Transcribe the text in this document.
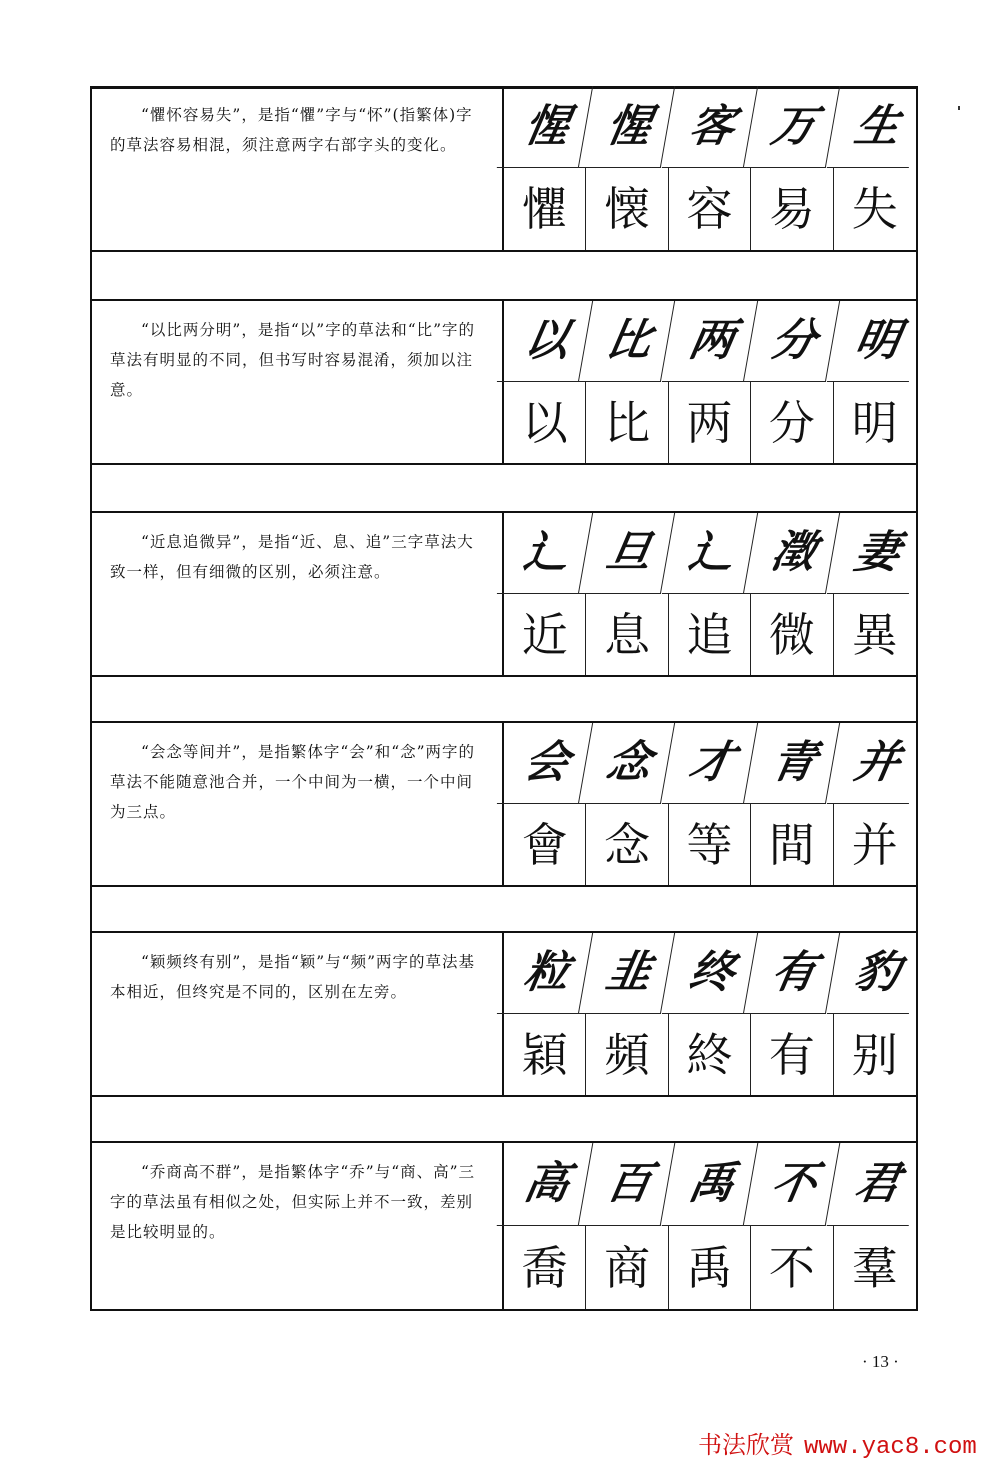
“懼怀容易失”，是指“懼”字与“怀”(指繁体)字的草法容易相混，须注意两字右部字头的变化。	惺 惺 客 万 生
懼 懐 容 易 失

“以比两分明”，是指“以”字的草法和“比”字的草法有明显的不同，但书写时容易混淆，须加以注意。

以 比 两 分 明
以 比 两 分 明

“近息追微异”，是指“近、息、追”三字草法大致一样，但有细微的区别，必须注意。	辶 旦 辶 澂 妻
近 息 追 微 異

“会念等间并”，是指繁体字“会”和“念”两字的草法不能随意池合并，一个中间为一横，一个中间为三点。

会 念 才 青 并
會 念 等 間 并

“颖频终有别”，是指“颖”与“频”两字的草法基本相近，但终究是不同的，区别在左旁。	粒 韭 终 有 豹
穎 頻 終 有 别

“乔商高不群”，是指繁体字“乔”与“商、高”三字的草法虽有相似之处，但实际上并不一致，差别是比较明显的。

高 百 禹 不 君
喬 商 禹 不 羣
· 13 ·
书法欣赏 www.yac8.com
